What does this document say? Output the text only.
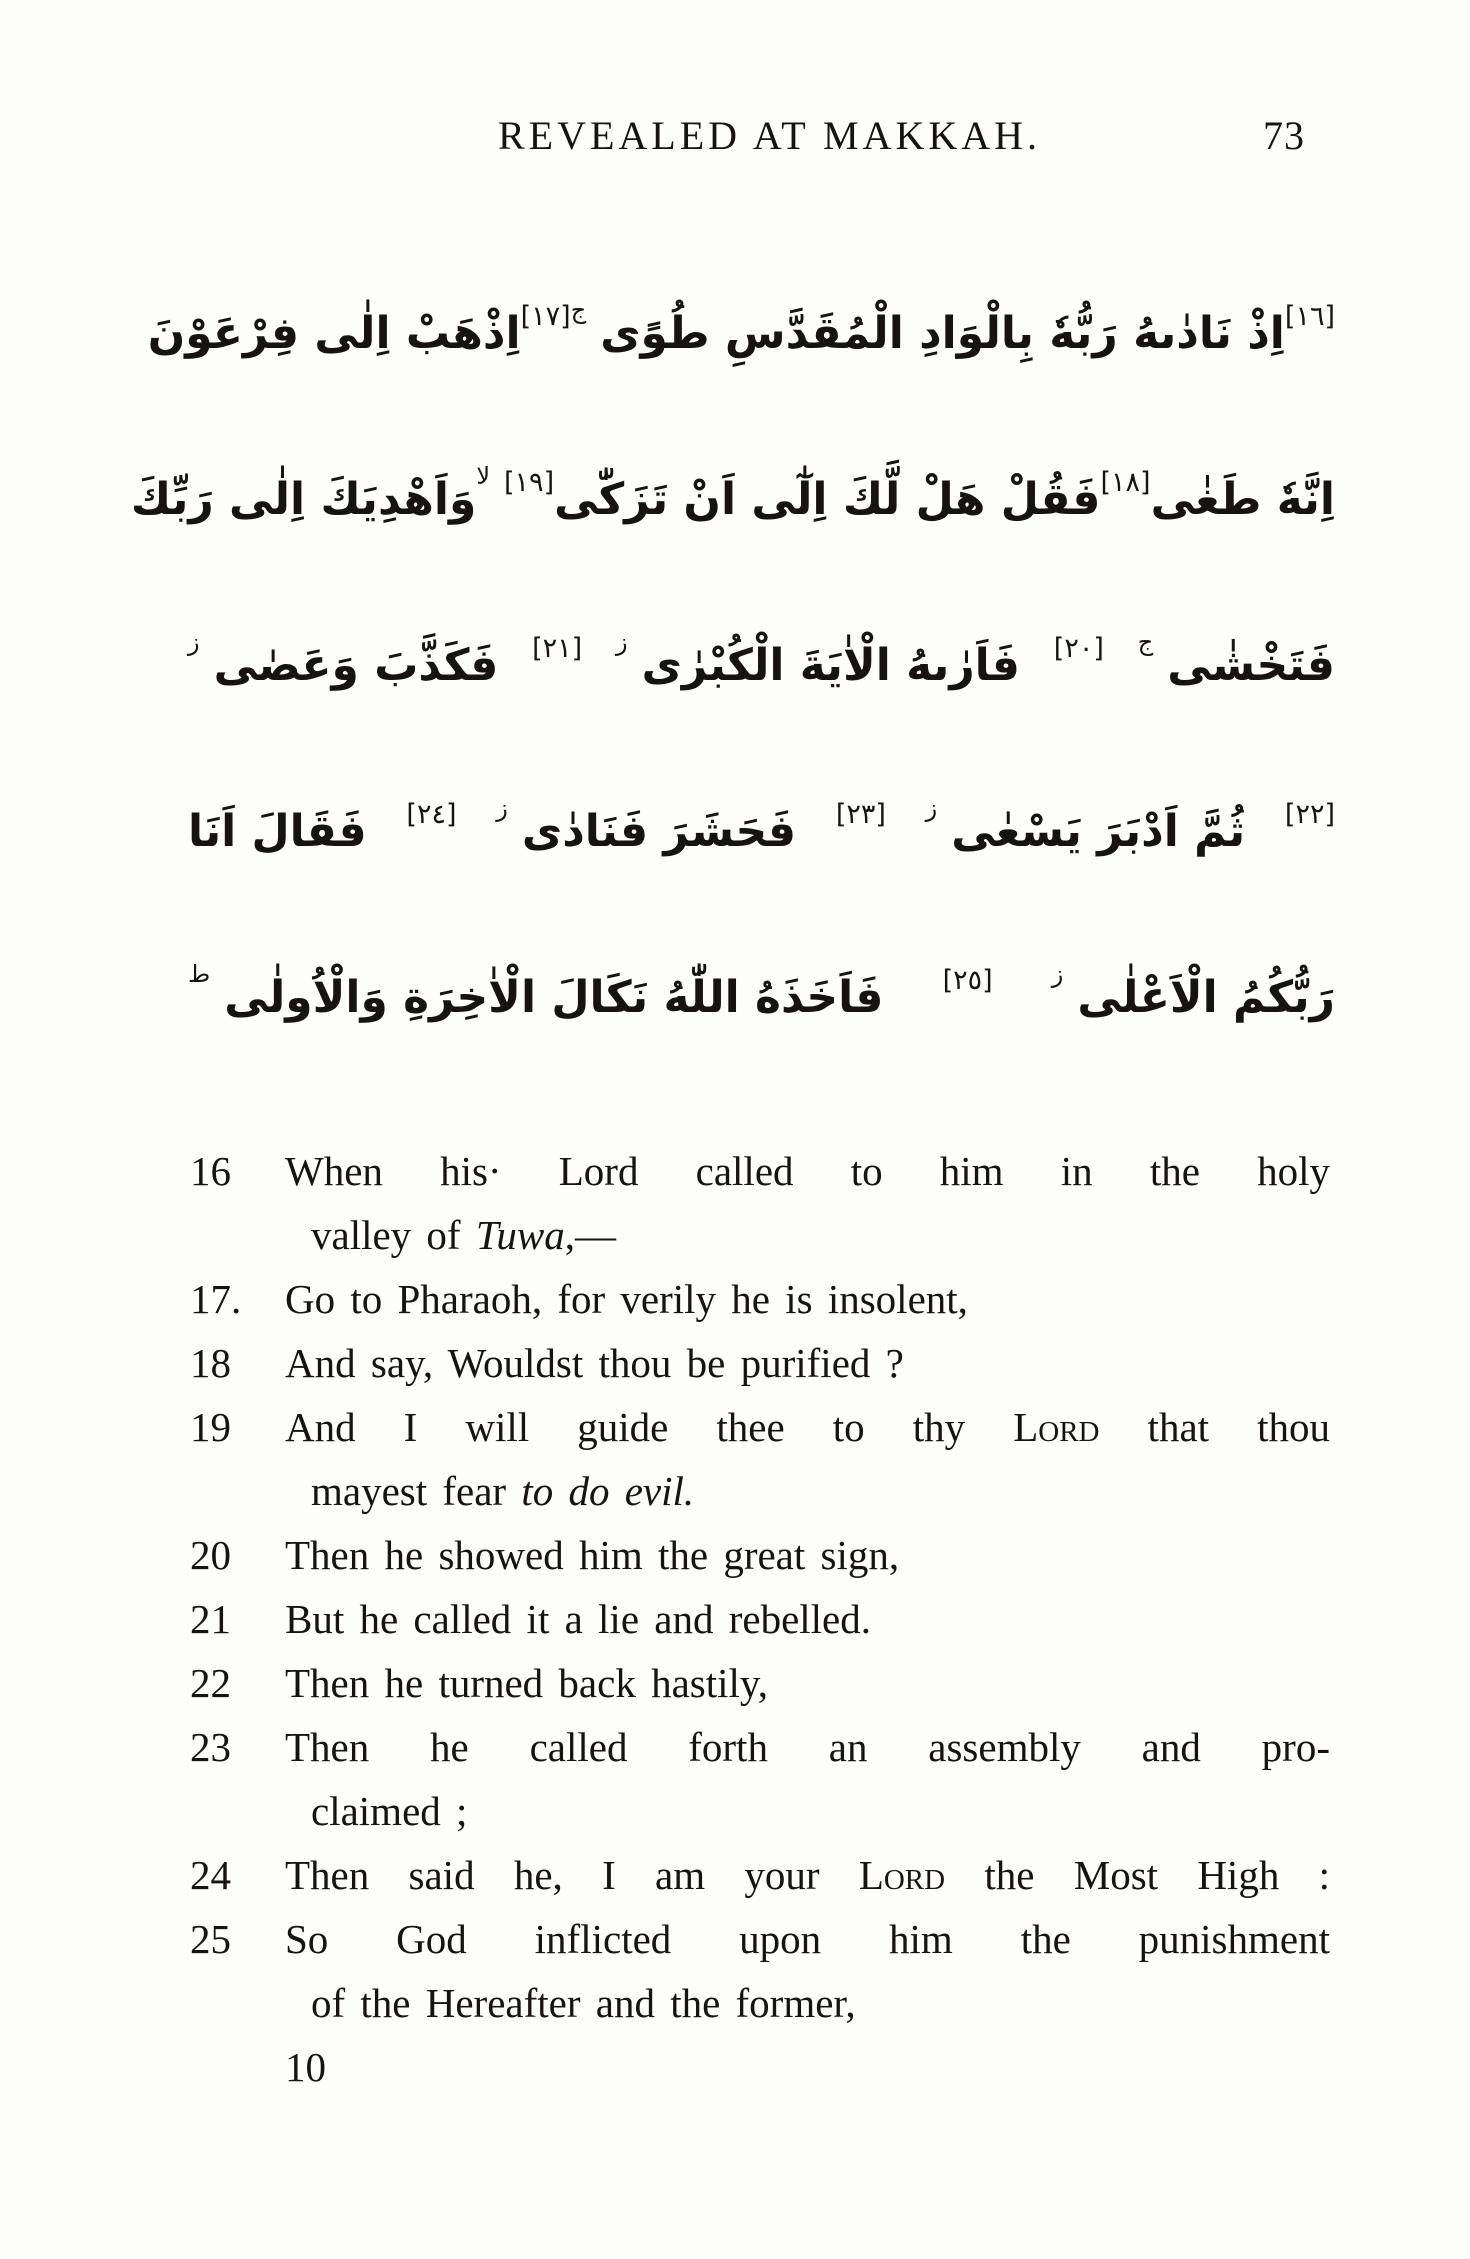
REVEALED AT MAKKAH.	73
[١٦]
اِذْ نَادٰىهُ رَبُّهٗ بِالْوَادِ الْمُقَدَّسِ طُوًى
ج
[١٧]
اِذْهَبْ اِلٰى فِرْعَوْنَ
اِنَّهٗ طَغٰى
[١٨]
فَقُلْ هَلْ لَّكَ اِلٰٓى اَنْ تَزَكّٰى
[١٩]
لا
وَاَهْدِيَكَ اِلٰى رَبِّكَ
فَتَخْشٰى
ج
[٢٠]
فَاَرٰىهُ الْاٰيَةَ الْكُبْرٰى
ز
[٢١]
فَكَذَّبَ وَعَصٰى
ز
[٢٢]
ثُمَّ اَدْبَرَ يَسْعٰى
ز
[٢٣]
فَحَشَرَ فَنَادٰى
ز
[٢٤]
فَقَالَ اَنَا
رَبُّكُمُ الْاَعْلٰى
ز
[٢٥]
فَاَخَذَهُ اللّٰهُ نَكَالَ الْاٰخِرَةِ وَالْاُولٰى
ط
16	When his· Lord called to him in the holy
valley of Tuwa,—
17.	Go to Pharaoh, for verily he is insolent,
18	And say, Wouldst thou be purified ?
19	And I will guide thee to thy Lord that thou
mayest fear to do evil.
20	Then he showed him the great sign,
21	But he called it a lie and rebelled.
22	Then he turned back hastily,
23	Then he called forth an assembly and pro-
claimed ;
24	Then said he, I am your Lord the Most High :
25	So God inflicted upon him the punishment
of the Hereafter and the former,
10
